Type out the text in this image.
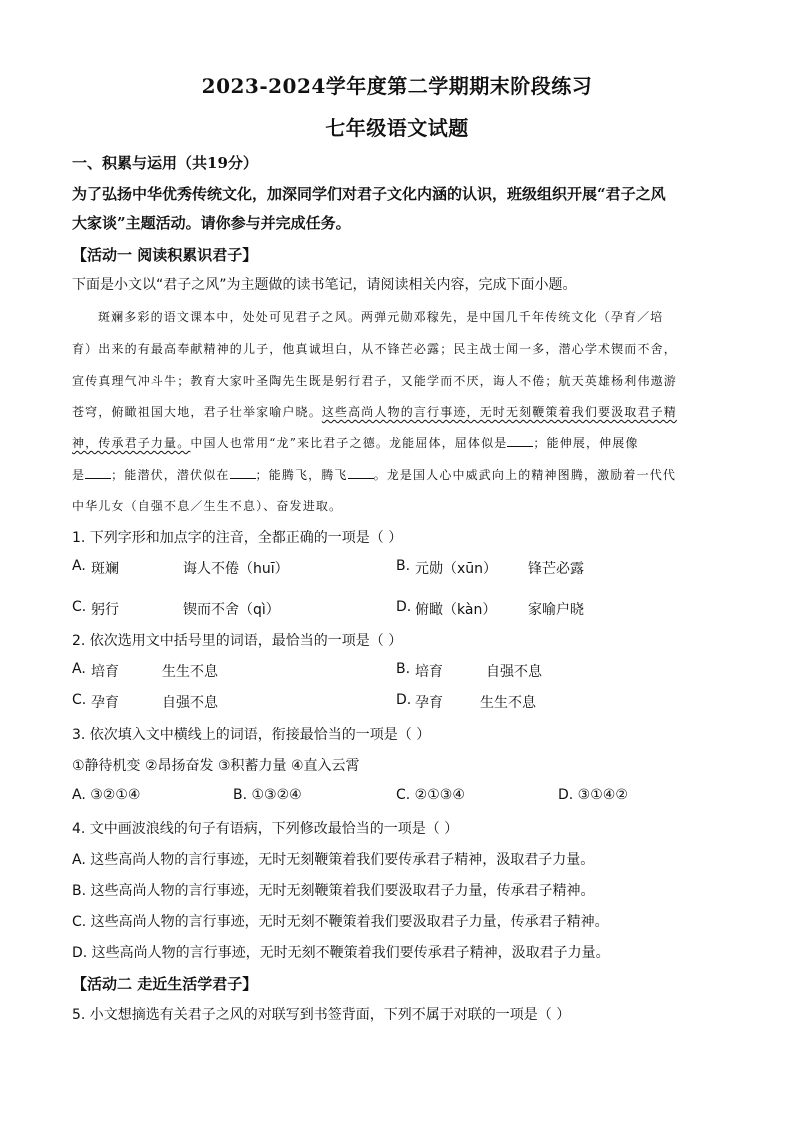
2023-2024学年度第二学期期末阶段练习
七年级语文试题
一、积累与运用（共19分）
为了弘扬中华优秀传统文化，加深同学们对君子文化内涵的认识，班级组织开展“君子之风
大家谈”主题活动。请你参与并完成任务。
【活动一 阅读积累识君子】
下面是小文以“君子之风”为主题做的读书笔记，请阅读相关内容，完成下面小题。
斑斓多彩的语文课本中，处处可见君子之风。两弹元勋邓稼先，是中国几千年传统文化（孕育／培
育）出来的有最高奉献精神的儿子，他真诚坦白，从不锋芒必露；民主战士闻一多，潜心学术锲而不舍，
宣传真理气冲斗牛；教育大家叶圣陶先生既是躬行君子，又能学而不厌，诲人不倦；航天英雄杨利伟遨游
苍穹，俯瞰祖国大地，君子壮举家喻户晓。这些高尚人物的言行事迹，无时无刻鞭策着我们要汲取君子精
神，传承君子力量。中国人也常用“龙”来比君子之德。龙能屈体，屈体似是 ；能伸展，伸展像
是 ；能潜伏，潜伏似在 ；能腾飞，腾飞 。龙是国人心中威武向上的精神图腾，激励着一代代
中华儿女（自强不息／生生不息）、奋发进取。
1. 下列字形和加点字的注音，全都正确的一项是（ ）
A. 斑斓	诲人不倦（huī）	B. 元勋（xūn） 锋芒必露
C. 躬行	锲而不舍（qì）	D. 俯瞰（kàn） 家喻户晓
2. 依次选用文中括号里的词语，最恰当的一项是（ ）
A. 培育	生生不息	B. 培育	自强不息
C. 孕育	自强不息	D. 孕育	生生不息
3. 依次填入文中横线上的词语，衔接最恰当的一项是（ ）
①静待机变 ②昂扬奋发 ③积蓄力量 ④直入云霄
A. ③②①④	B. ①③②④	C. ②①③④	D. ③①④②
4. 文中画波浪线的句子有语病，下列修改最恰当的一项是（ ）
A. 这些高尚人物的言行事迹，无时无刻鞭策着我们要传承君子精神，汲取君子力量。
B. 这些高尚人物的言行事迹，无时无刻鞭策着我们要汲取君子力量，传承君子精神。
C. 这些高尚人物的言行事迹，无时无刻不鞭策着我们要汲取君子力量，传承君子精神。
D. 这些高尚人物的言行事迹，无时无刻不鞭策着我们要传承君子精神，汲取君子力量。
【活动二 走近生活学君子】
5. 小文想摘选有关君子之风的对联写到书签背面，下列不属于对联的一项是（ ）
